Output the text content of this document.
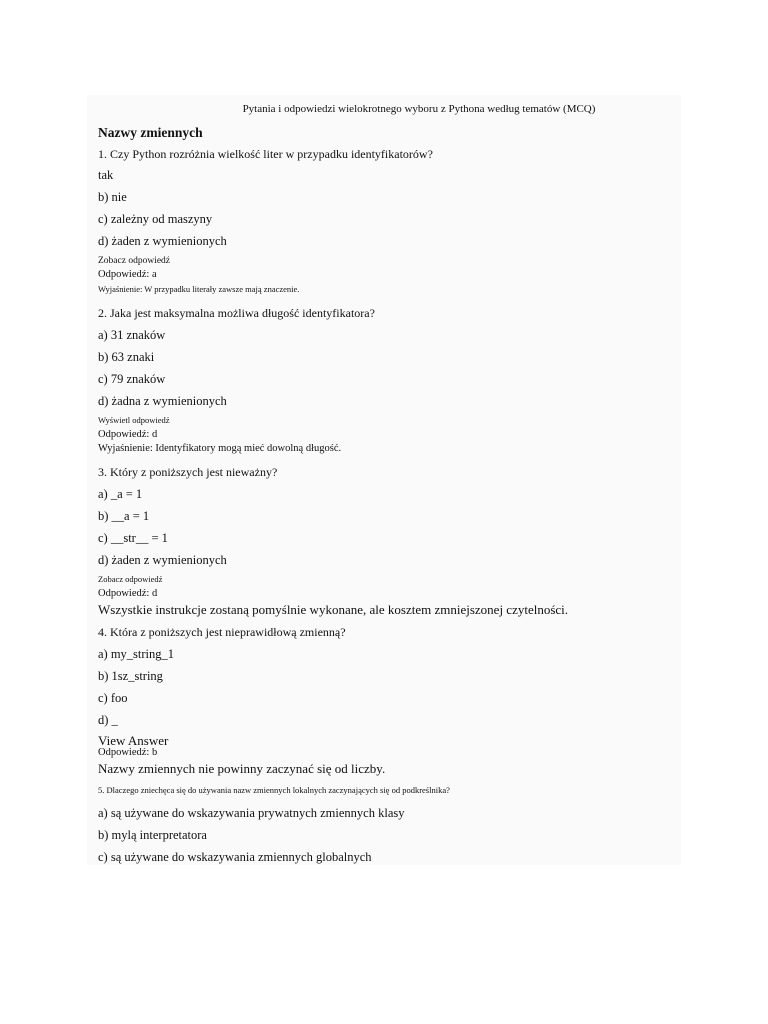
Pytania i odpowiedzi wielokrotnego wyboru z Pythona według tematów (MCQ)
Nazwy zmiennych
1. Czy Python rozróżnia wielkość liter w przypadku identyfikatorów?
tak
b) nie
c) zależny od maszyny
d) żaden z wymienionych
Zobacz odpowiedź
Odpowiedź: a
Wyjaśnienie: W przypadku literały zawsze mają znaczenie.
2. Jaka jest maksymalna możliwa długość identyfikatora?
a) 31 znaków
b) 63 znaki
c) 79 znaków
d) żadna z wymienionych
Wyświetl odpowiedź
Odpowiedź: d
Wyjaśnienie: Identyfikatory mogą mieć dowolną długość.
3. Który z poniższych jest nieważny?
a) _a = 1
b) __a = 1
c) __str__ = 1
d) żaden z wymienionych
Zobacz odpowiedź
Odpowiedź: d
Wszystkie instrukcje zostaną pomyślnie wykonane, ale kosztem zmniejszonej czytelności.
4. Która z poniższych jest nieprawidłową zmienną?
a) my_string_1
b) 1sz_string
c) foo
d) _
View Answer
Odpowiedź: b
Nazwy zmiennych nie powinny zaczynać się od liczby.
5. Dlaczego zniechęca się do używania nazw zmiennych lokalnych zaczynających się od podkreślnika?
a) są używane do wskazywania prywatnych zmiennych klasy
b) mylą interpretatora
c) są używane do wskazywania zmiennych globalnych
